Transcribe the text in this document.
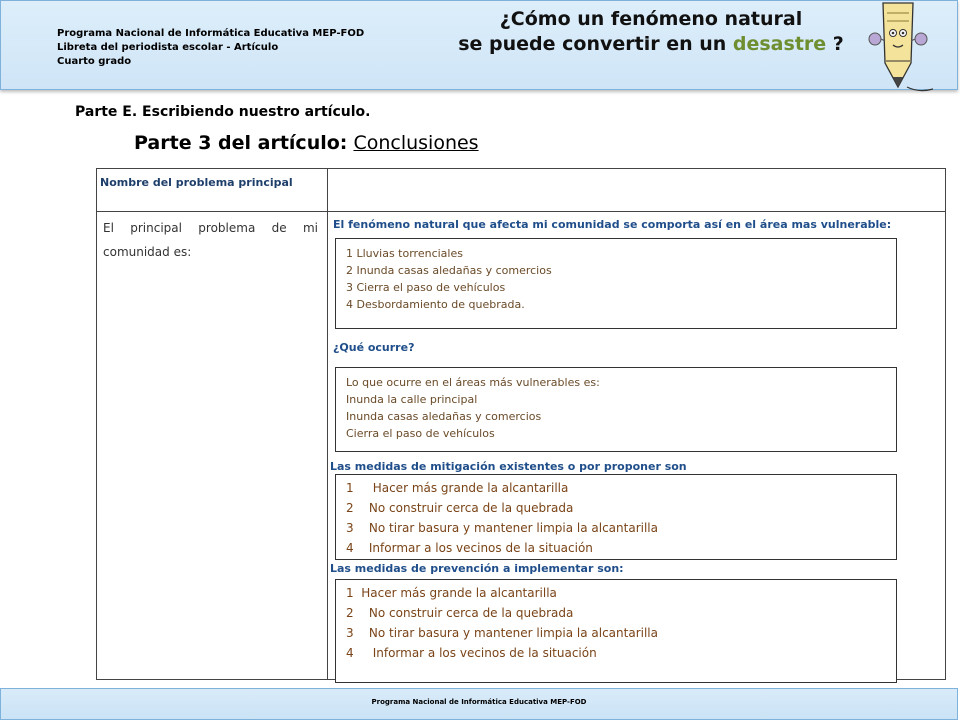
Programa Nacional de Informática Educativa MEP-FOD
Libreta del periodista escolar - Artículo
Cuarto grado
¿Cómo un fenómeno natural
se puede convertir en un desastre ?
Parte E. Escribiendo nuestro artículo.
Parte 3 del artículo: Conclusiones
Nombre del problema principal
El principal problema de mi comunidad es:
El fenómeno natural que afecta mi comunidad se comporta así en el área mas vulnerable:
1 Lluvias torrenciales
2 Inunda casas aledañas y comercios
3 Cierra el paso de vehículos
4 Desbordamiento de quebrada.
¿Qué ocurre?
Lo que ocurre en el áreas más vulnerables es:
Inunda la calle principal
Inunda casas aledañas y comercios
Cierra el paso de vehículos
Las medidas de mitigación existentes o por proponer son
1     Hacer más grande la alcantarilla
2    No construir cerca de la quebrada
3    No tirar basura y mantener limpia la alcantarilla
4    Informar a los vecinos de la situación
Las medidas de prevención a implementar son:
1  Hacer más grande la alcantarilla
2    No construir cerca de la quebrada
3    No tirar basura y mantener limpia la alcantarilla
4     Informar a los vecinos de la situación
Programa Nacional de Informática Educativa MEP-FOD
